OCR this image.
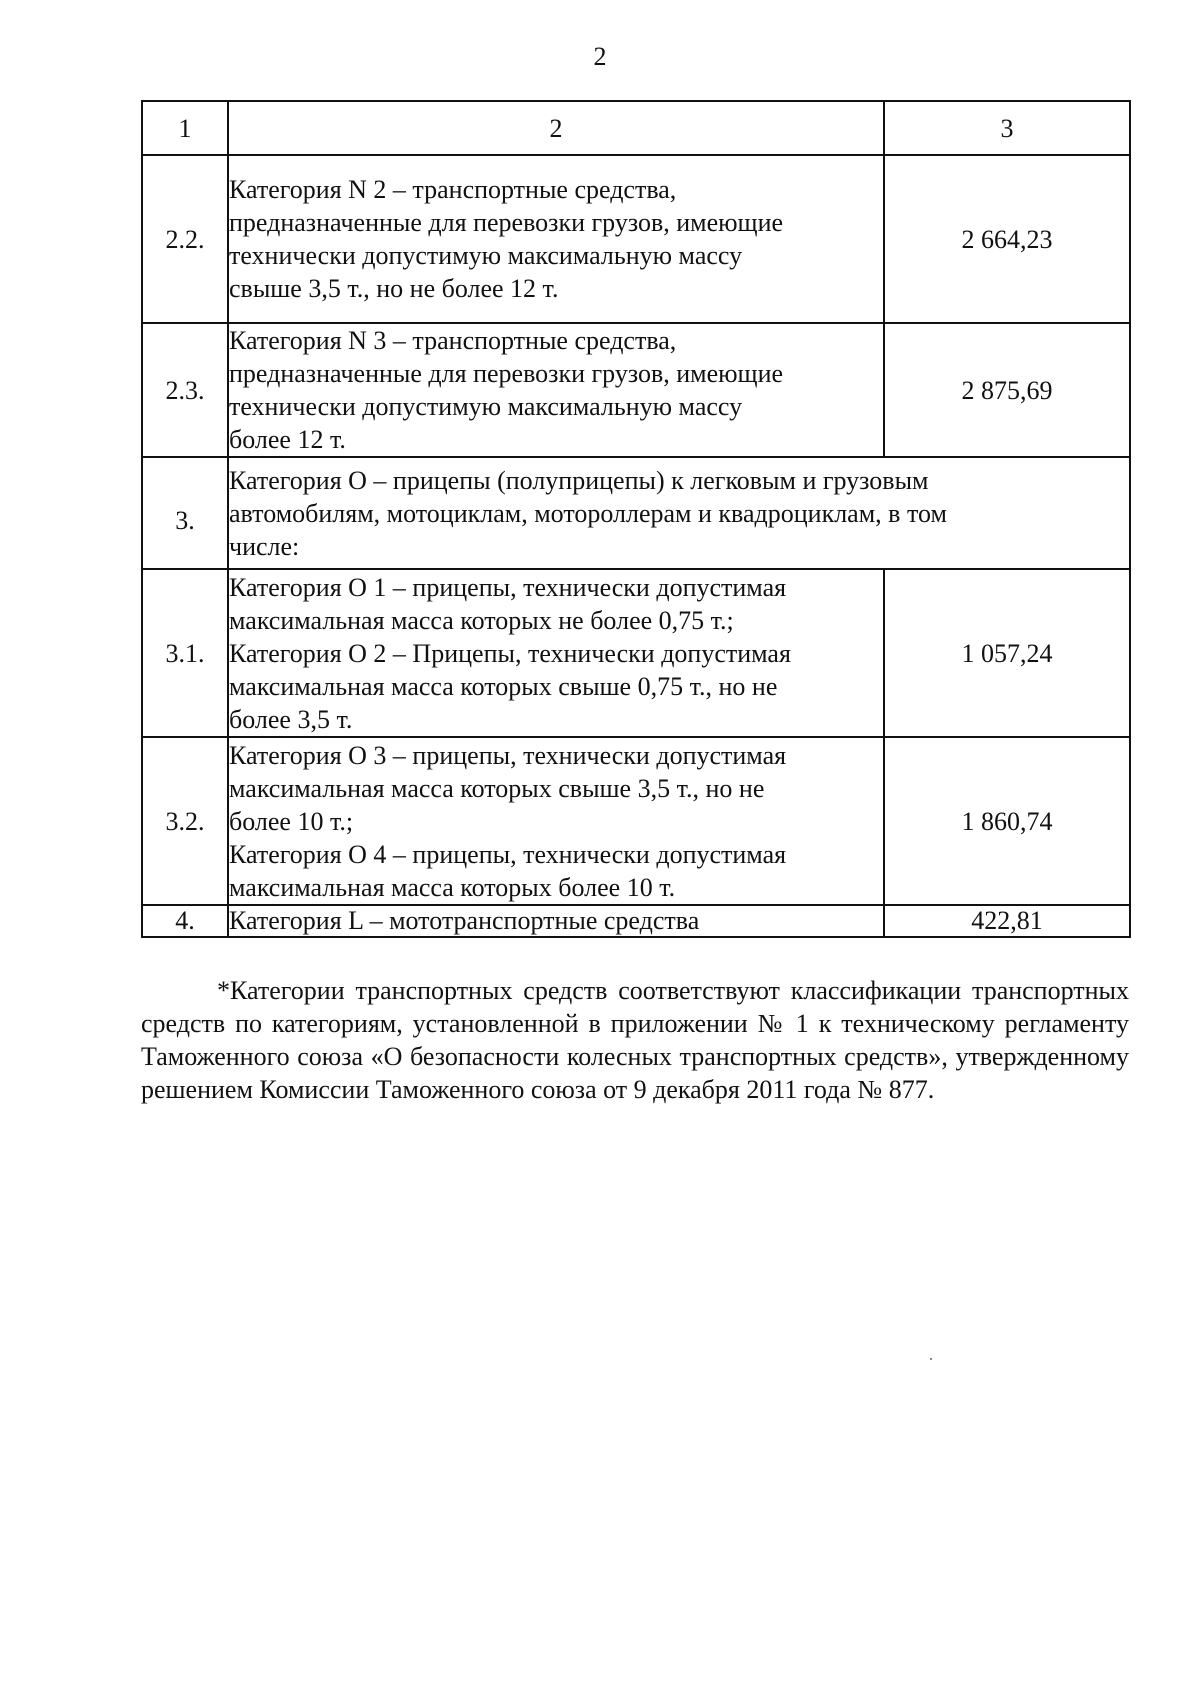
2
1	2	3
2.2.	Категория N 2 – транспортные средства,
предназначенные для перевозки грузов, имеющие
технически допустимую максимальную массу
свыше 3,5 т., но не более 12 т.	2 664,23
2.3.	Категория N 3 – транспортные средства,
предназначенные для перевозки грузов, имеющие
технически допустимую максимальную массу
более 12 т.	2 875,69
3.	Категория О – прицепы (полуприцепы) к легковым и грузовым
автомобилям, мотоциклам, мотороллерам и квадроциклам, в том
числе:	

3.1.	Категория О 1 – прицепы, технически допустимая
максимальная масса которых не более 0,75 т.;
Категория О 2 – Прицепы, технически допустимая
максимальная масса которых свыше 0,75 т., но не
более 3,5 т.	1 057,24
3.2.	Категория О 3 – прицепы, технически допустимая
максимальная масса которых свыше 3,5 т., но не
более 10 т.;
Категория О 4 – прицепы, технически допустимая
максимальная масса которых более 10 т.	1 860,74
4.	Категория L – мототранспортные средства	422,81

*Категории транспортных средств соответствуют классификации транспортных средств по категориям, установленной в приложении № 1 к техническому регламенту Таможенного союза «О безопасности колесных транспортных средств», утвержденному решением Комиссии Таможенного союза от 9 декабря 2011 года № 877.
